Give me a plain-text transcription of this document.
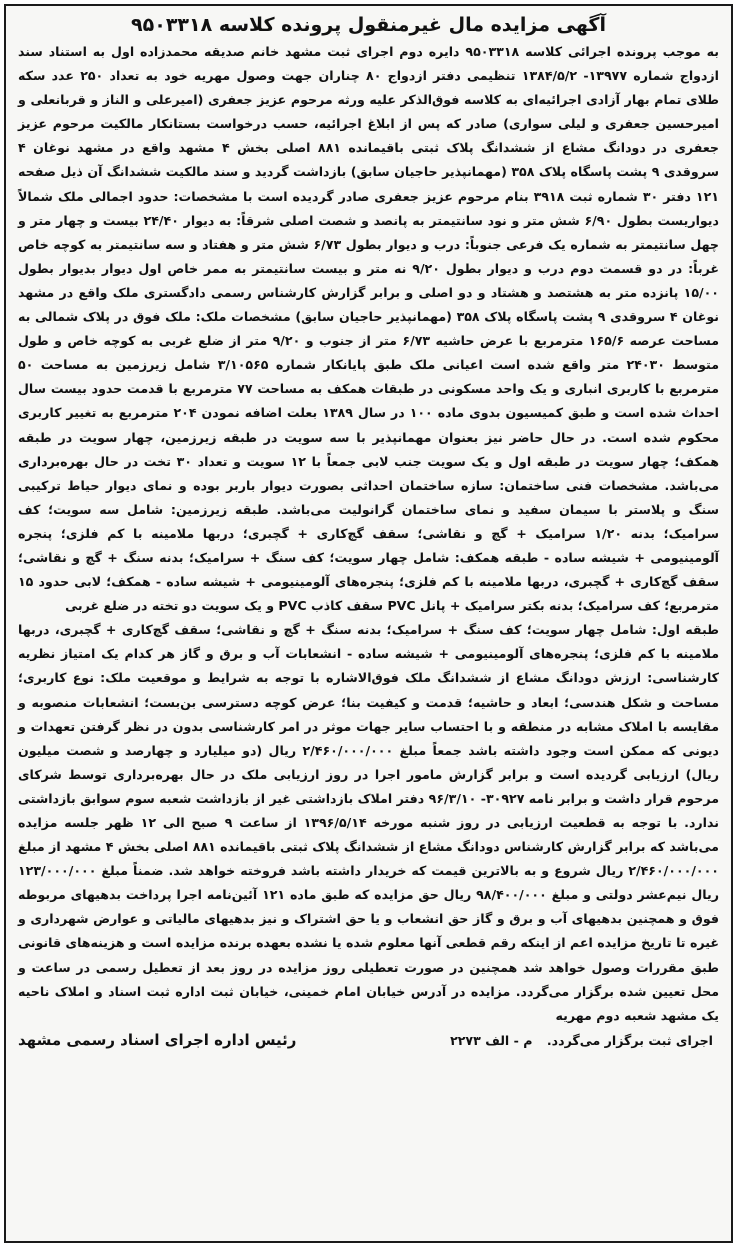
آگهی مزایده مال غیرمنقول پرونده کلاسه ۹۵۰۳۳۱۸

به موجب پرونده اجرائی کلاسه ۹۵۰۳۳۱۸ دایره دوم اجرای ثبت مشهد خانم صدیقه محمدزاده اول به استناد سند ازدواج شماره ۱۳۹۷۷- ۱۳۸۴/۵/۲ تنظیمی دفتر ازدواج ۸۰ چناران جهت وصول مهریه خود به تعداد ۲۵۰ عدد سکه طلای تمام بهار آزادی اجرائیه‌ای به کلاسه فوق‌الذکر علیه ورثه مرحوم عزیز جعفری (امیرعلی و الناز و قربانعلی و امیرحسین جعفری و لیلی سواری) صادر که پس از ابلاغ اجرائیه، حسب درخواست بستانکار مالکیت مرحوم عزیز جعفری در دودانگ مشاع از ششدانگ پلاک ثبتی باقیمانده ۸۸۱ اصلی بخش ۴ مشهد واقع در مشهد نوغان ۴ سروقدی ۹ پشت پاسگاه پلاک ۳۵۸ (مهمانپذیر حاجیان سابق) بازداشت گردید و سند مالکیت ششدانگ آن ذیل صفحه ۱۲۱ دفتر ۳۰ شماره ثبت ۳۹۱۸ بنام مرحوم عزیز جعفری صادر گردیده است با مشخصات: حدود اجمالی ملک شمالاً دیواریست بطول ۶/۹۰ شش متر و نود سانتیمتر به پانصد و شصت اصلی شرقاً: به دیوار ۲۴/۴۰ بیست و چهار متر و چهل سانتیمتر به شماره یک فرعی جنوباً: درب و دیوار بطول ۶/۷۳ شش متر و هفتاد و سه سانتیمتر به کوچه خاص غرباً: در دو قسمت دوم درب و دیوار بطول ۹/۲۰ نه متر و بیست سانتیمتر به ممر خاص اول دیوار بدیوار بطول ۱۵/۰۰ پانزده متر به هشتصد و هشتاد و دو اصلی و برابر گزارش کارشناس رسمی دادگستری ملک واقع در مشهد نوغان ۴ سروقدی ۹ پشت پاسگاه پلاک ۳۵۸ (مهمانپذیر حاجیان سابق) مشخصات ملک: ملک فوق در پلاک شمالی به مساحت عرصه ۱۶۵/۶ مترمربع با عرض حاشیه ۶/۷۳ متر از جنوب و ۹/۲۰ متر از ضلع غربی به کوچه خاص و طول متوسط ۲۴۰۳۰ متر واقع شده است اعیانی ملک طبق پایانکار شماره ۳/۱۰۵۶۵ شامل زیرزمین به مساحت ۵۰ مترمربع با کاربری انباری و یک واحد مسکونی در طبقات همکف به مساحت ۷۷ مترمربع با قدمت حدود بیست سال احداث شده است و طبق کمیسیون بدوی ماده ۱۰۰ در سال ۱۳۸۹ بعلت اضافه نمودن ۲۰۴ مترمربع به تغییر کاربری محکوم شده است. در حال حاضر نیز بعنوان مهمانپذیر با سه سویت در طبقه زیرزمین، چهار سویت در طبقه همکف؛ چهار سویت در طبقه اول و یک سویت جنب لابی جمعاً با ۱۲ سویت و تعداد ۳۰ تخت در حال بهره‌برداری می‌باشد. مشخصات فنی ساختمان: سازه ساختمان احداثی بصورت دیوار باربر بوده و نمای دیوار حیاط ترکیبی سنگ و پلاستر با سیمان سفید و نمای ساختمان گرانولیت می‌باشد. طبقه زیرزمین: شامل سه سویت؛ کف سرامیک؛ بدنه ۱/۲۰ سرامیک + گچ و نقاشی؛ سقف گچ‌کاری + گچبری؛ دربها ملامینه با کم فلزی؛ پنجره آلومینیومی + شیشه ساده - طبقه همکف: شامل چهار سویت؛ کف سنگ + سرامیک؛ بدنه سنگ + گچ و نقاشی؛ سقف گچ‌کاری + گچبری، دربها ملامینه با کم فلزی؛ پنجره‌های آلومینیومی + شیشه ساده - همکف؛ لابی حدود ۱۵ مترمربع؛ کف سرامیک؛ بدنه بکتر سرامیک + پانل PVC سقف کاذب PVC و یک سویت دو تخته در ضلع غربی

طبقه اول: شامل چهار سویت؛ کف سنگ + سرامیک؛ بدنه سنگ + گچ و نقاشی؛ سقف گچ‌کاری + گچبری، دربها ملامینه با کم فلزی؛ پنجره‌های آلومینیومی + شیشه ساده - انشعابات آب و برق و گاز هر کدام یک امتیاز نظریه کارشناسی: ارزش دودانگ مشاع از ششدانگ ملک فوق‌الاشاره با توجه به شرایط و موقعیت ملک: نوع کاربری؛ مساحت و شکل هندسی؛ ابعاد و حاشیه؛ قدمت و کیفیت بنا؛ عرض کوچه دسترسی بن‌بست؛ انشعابات منصوبه و مقایسه با املاک مشابه در منطقه و با احتساب سایر جهات موثر در امر کارشناسی بدون در نظر گرفتن تعهدات و دیونی که ممکن است وجود داشته باشد جمعاً مبلغ ۲/۴۶۰/۰۰۰/۰۰۰ ریال (دو میلیارد و چهارصد و شصت میلیون ریال) ارزیابی گردیده است و برابر گزارش مامور اجرا در روز ارزیابی ملک در حال بهره‌برداری توسط شرکای مرحوم قرار داشت و برابر نامه ۳۰۹۲۷- ۹۶/۳/۱۰ دفتر املاک بازداشتی غیر از بازداشت شعبه سوم سوابق بازداشتی ندارد. با توجه به قطعیت ارزیابی در روز شنبه مورخه ۱۳۹۶/۵/۱۴ از ساعت ۹ صبح الی ۱۲ ظهر جلسه مزایده می‌باشد که برابر گزارش کارشناس دودانگ مشاع از ششدانگ پلاک ثبتی باقیمانده ۸۸۱ اصلی بخش ۴ مشهد از مبلغ ۲/۴۶۰/۰۰۰/۰۰۰ ریال شروع و به بالاترین قیمت که خریدار داشته باشد فروخته خواهد شد. ضمناً مبلغ ۱۲۳/۰۰۰/۰۰۰ ریال نیم‌عشر دولتی و مبلغ ۹۸/۴۰۰/۰۰۰ ریال حق مزایده که طبق ماده ۱۲۱ آئین‌نامه اجرا پرداخت بدهیهای مربوطه فوق و همچنین بدهیهای آب و برق و گاز حق انشعاب و یا حق اشتراک و نیز بدهیهای مالیاتی و عوارض شهرداری و غیره تا تاریخ مزایده اعم از اینکه رقم قطعی آنها معلوم شده یا نشده بعهده برنده مزایده است و هزینه‌های قانونی طبق مقررات وصول خواهد شد همچنین در صورت تعطیلی روز مزایده در روز بعد از تعطیل رسمی در ساعت و محل تعیین شده برگزار می‌گردد. مزایده در آدرس خیابان امام خمینی، خیابان ثبت اداره ثبت اسناد و املاک ناحیه یک مشهد شعبه دوم مهریه

اجرای ثبت برگزار می‌گردد. م - الف ۲۲۷۳
رئیس اداره اجرای اسناد رسمی مشهد
